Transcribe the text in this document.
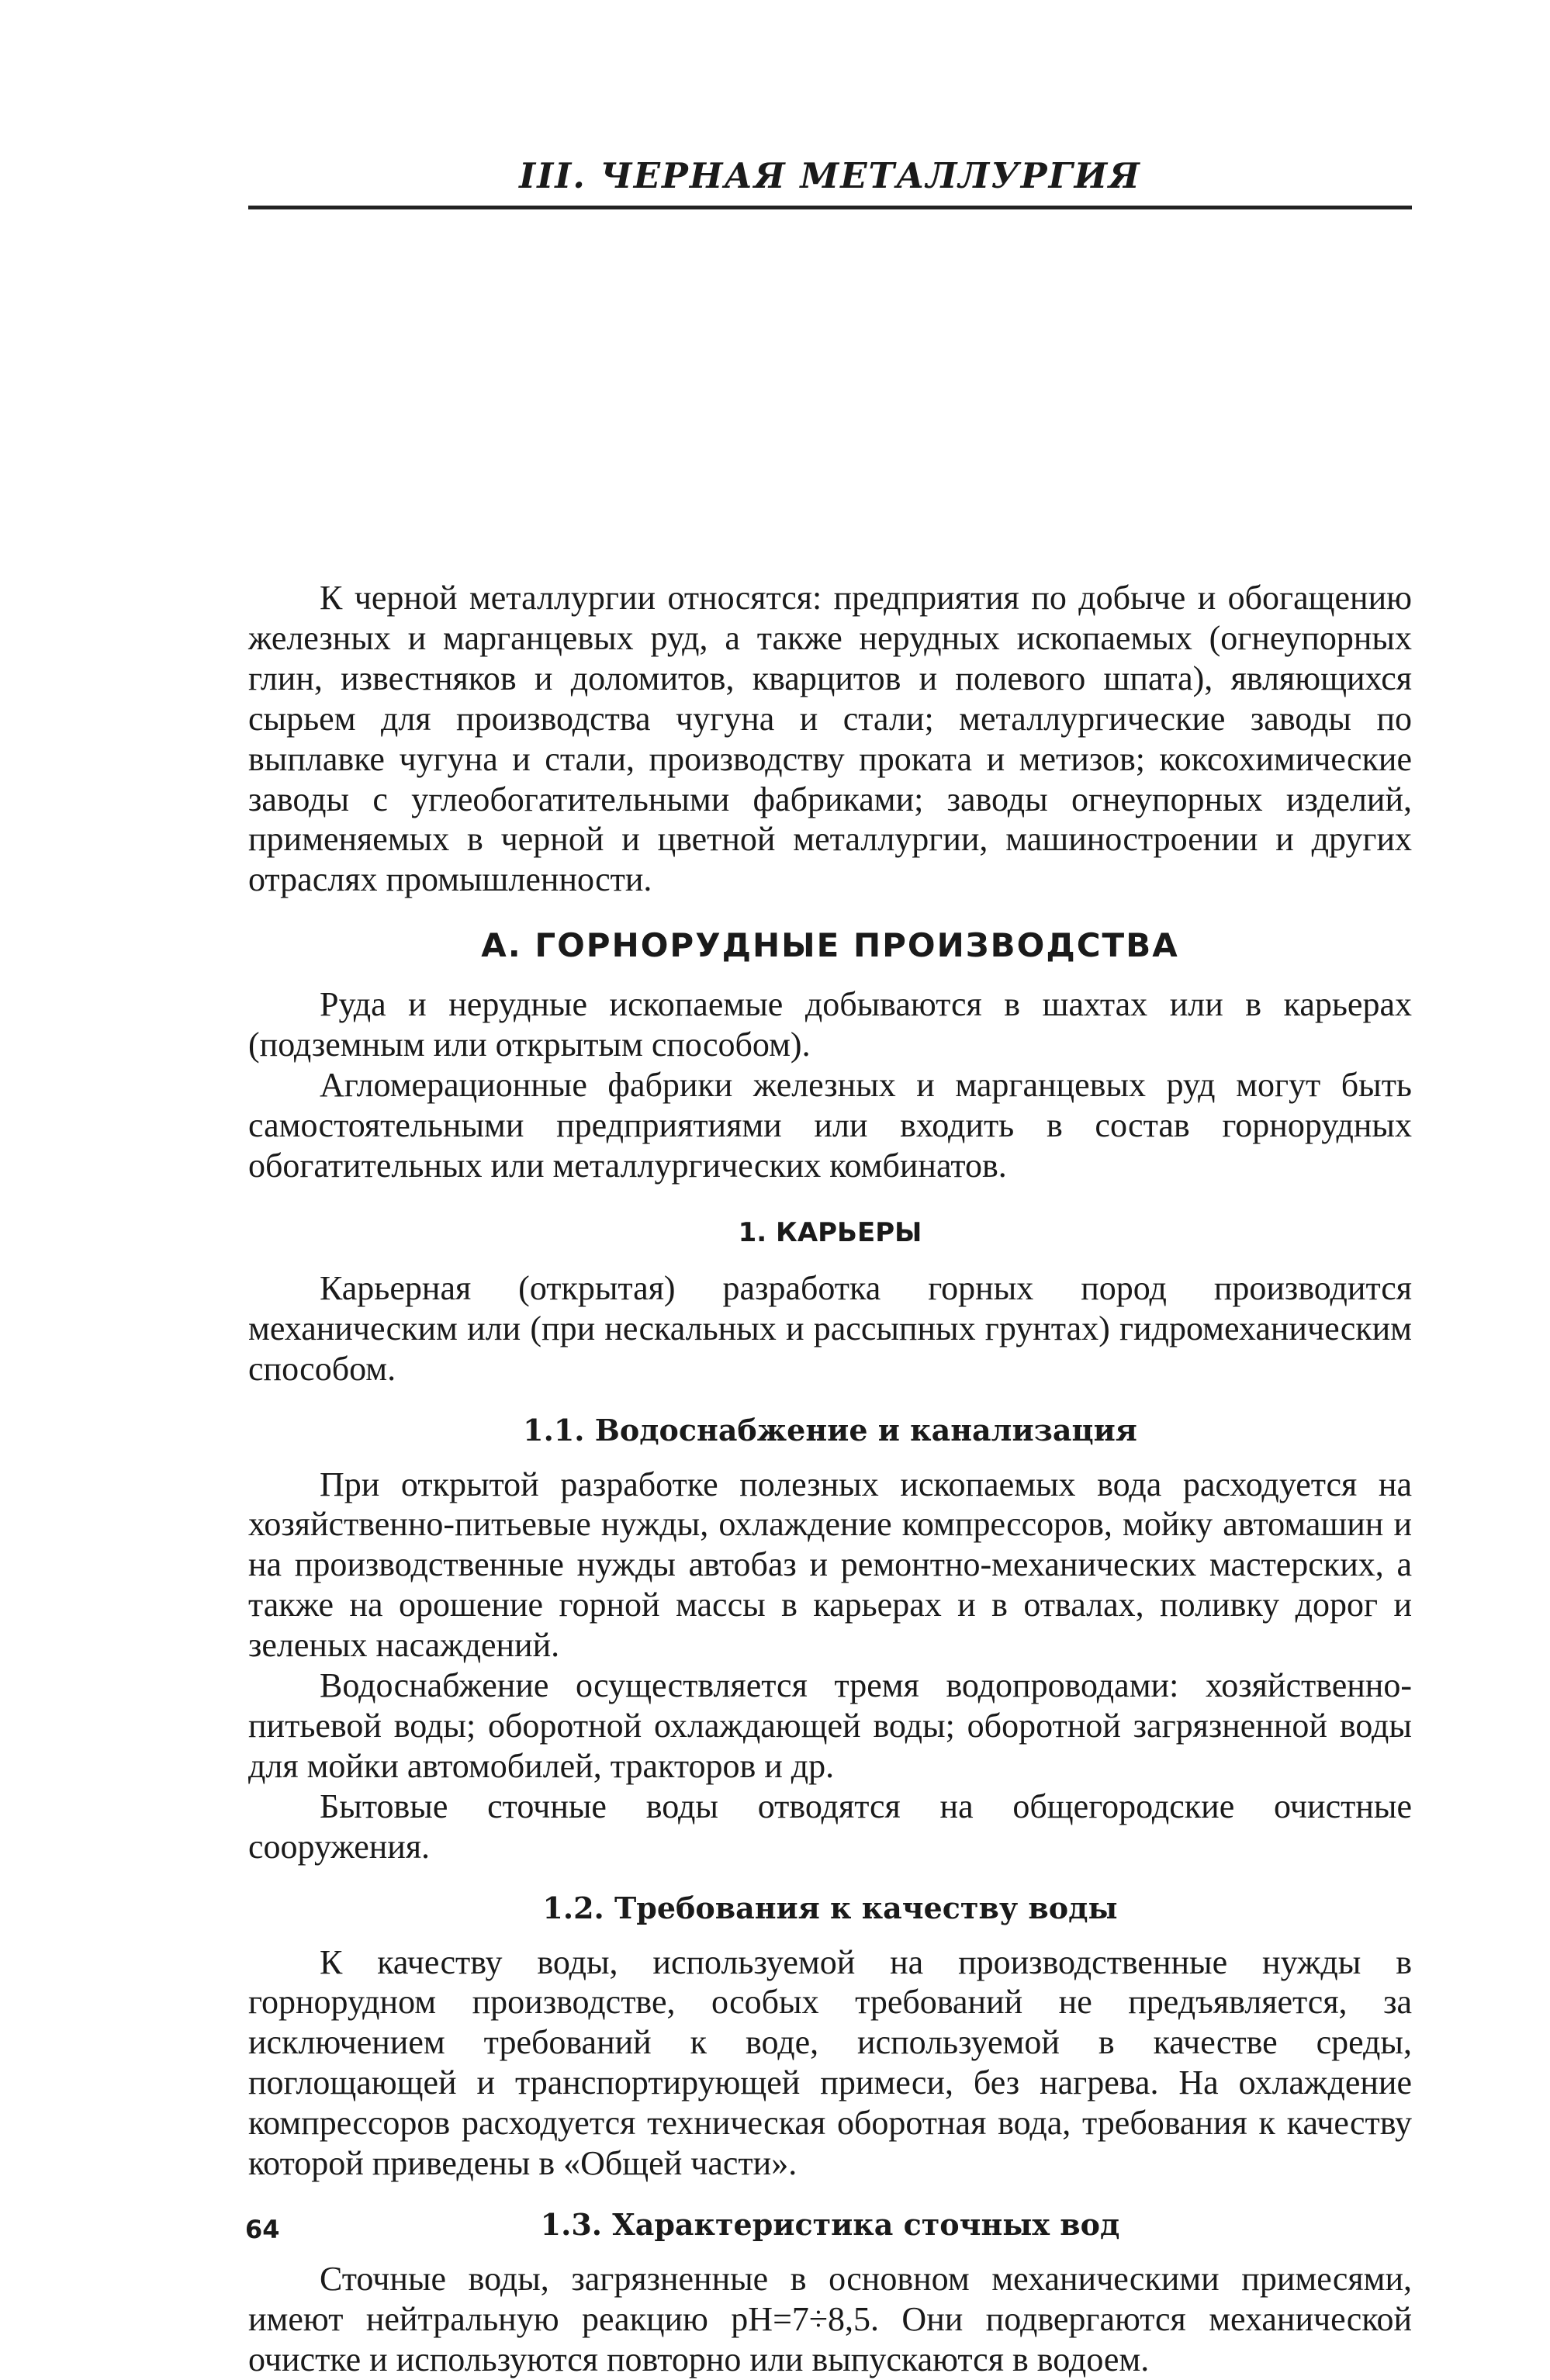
III. ЧЕРНАЯ МЕТАЛЛУРГИЯ

К черной металлургии относятся: предприятия по добыче и обогащению железных и марганцевых руд, а также нерудных ископаемых (огнеупорных глин, известняков и доломитов, кварцитов и полевого шпата), являющихся сырьем для производства чугуна и стали; металлургические заводы по выплавке чугуна и стали, производству проката и метизов; коксохимические заводы с углеобогатительными фабриками; заводы огнеупорных изделий, применяемых в черной и цветной металлургии, машиностроении и других отраслях промышленности.

А. ГОРНОРУДНЫЕ ПРОИЗВОДСТВА

Руда и нерудные ископаемые добываются в шахтах или в карьерах (подземным или открытым способом).

Агломерационные фабрики железных и марганцевых руд могут быть самостоятельными предприятиями или входить в состав горнорудных обогатительных или металлургических комбинатов.

1. КАРЬЕРЫ

Карьерная (открытая) разработка горных пород производится механическим или (при нескальных и рассыпных грунтах) гидромеханическим способом.

1.1. Водоснабжение и канализация

При открытой разработке полезных ископаемых вода расходуется на хозяйственно-питьевые нужды, охлаждение компрессоров, мойку автомашин и на производственные нужды автобаз и ремонтно-механических мастерских, а также на орошение горной массы в карьерах и в отвалах, поливку дорог и зеленых насаждений.

Водоснабжение осуществляется тремя водопроводами: хозяйственно-питьевой воды; оборотной охлаждающей воды; оборотной загрязненной воды для мойки автомобилей, тракторов и др.

Бытовые сточные воды отводятся на общегородские очистные сооружения.

1.2. Требования к качеству воды

К качеству воды, используемой на производственные нужды в горнорудном производстве, особых требований не предъявляется, за исключением требований к воде, используемой в качестве среды, поглощающей и транспортирующей примеси, без нагрева. На охлаждение компрессоров расходуется техническая оборотная вода, требования к качеству которой приведены в «Общей части».

1.3. Характеристика сточных вод

Сточные воды, загрязненные в основном механическими примесями, имеют нейтральную реакцию pH=7÷8,5. Они подвергаются механической очистке и используются повторно или выпускаются в водоем.

64
